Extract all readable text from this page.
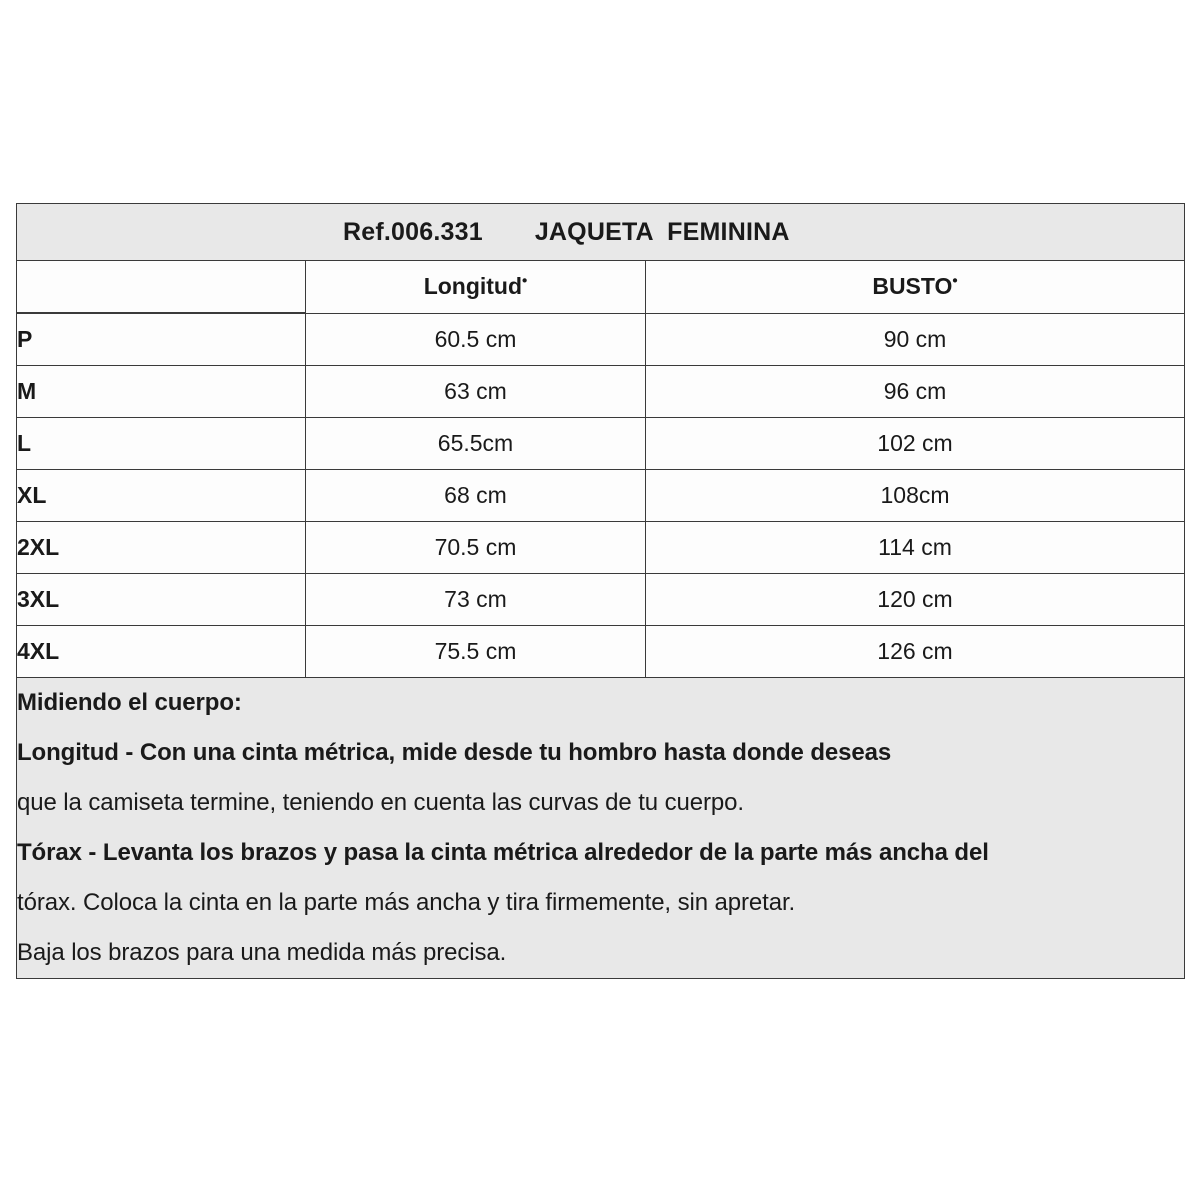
Ref.006.331 JAQUETA  FEMININA		

	Longitud•	BUSTO•
P	60.5 cm	90 cm
M	63 cm	96 cm
L	65.5cm	102 cm
XL	68 cm	108cm
2XL	70.5 cm	114 cm
3XL	73 cm	120 cm
4XL	75.5 cm	126 cm

Midiendo el cuerpo:
Longitud - Con una cinta métrica, mide desde tu hombro hasta donde deseas
que la camiseta termine, teniendo en cuenta las curvas de tu cuerpo.
Tórax - Levanta los brazos y pasa la cinta métrica alrededor de la parte más ancha del
tórax. Coloca la cinta en la parte más ancha y tira firmemente, sin apretar.
Baja los brazos para una medida más precisa.
